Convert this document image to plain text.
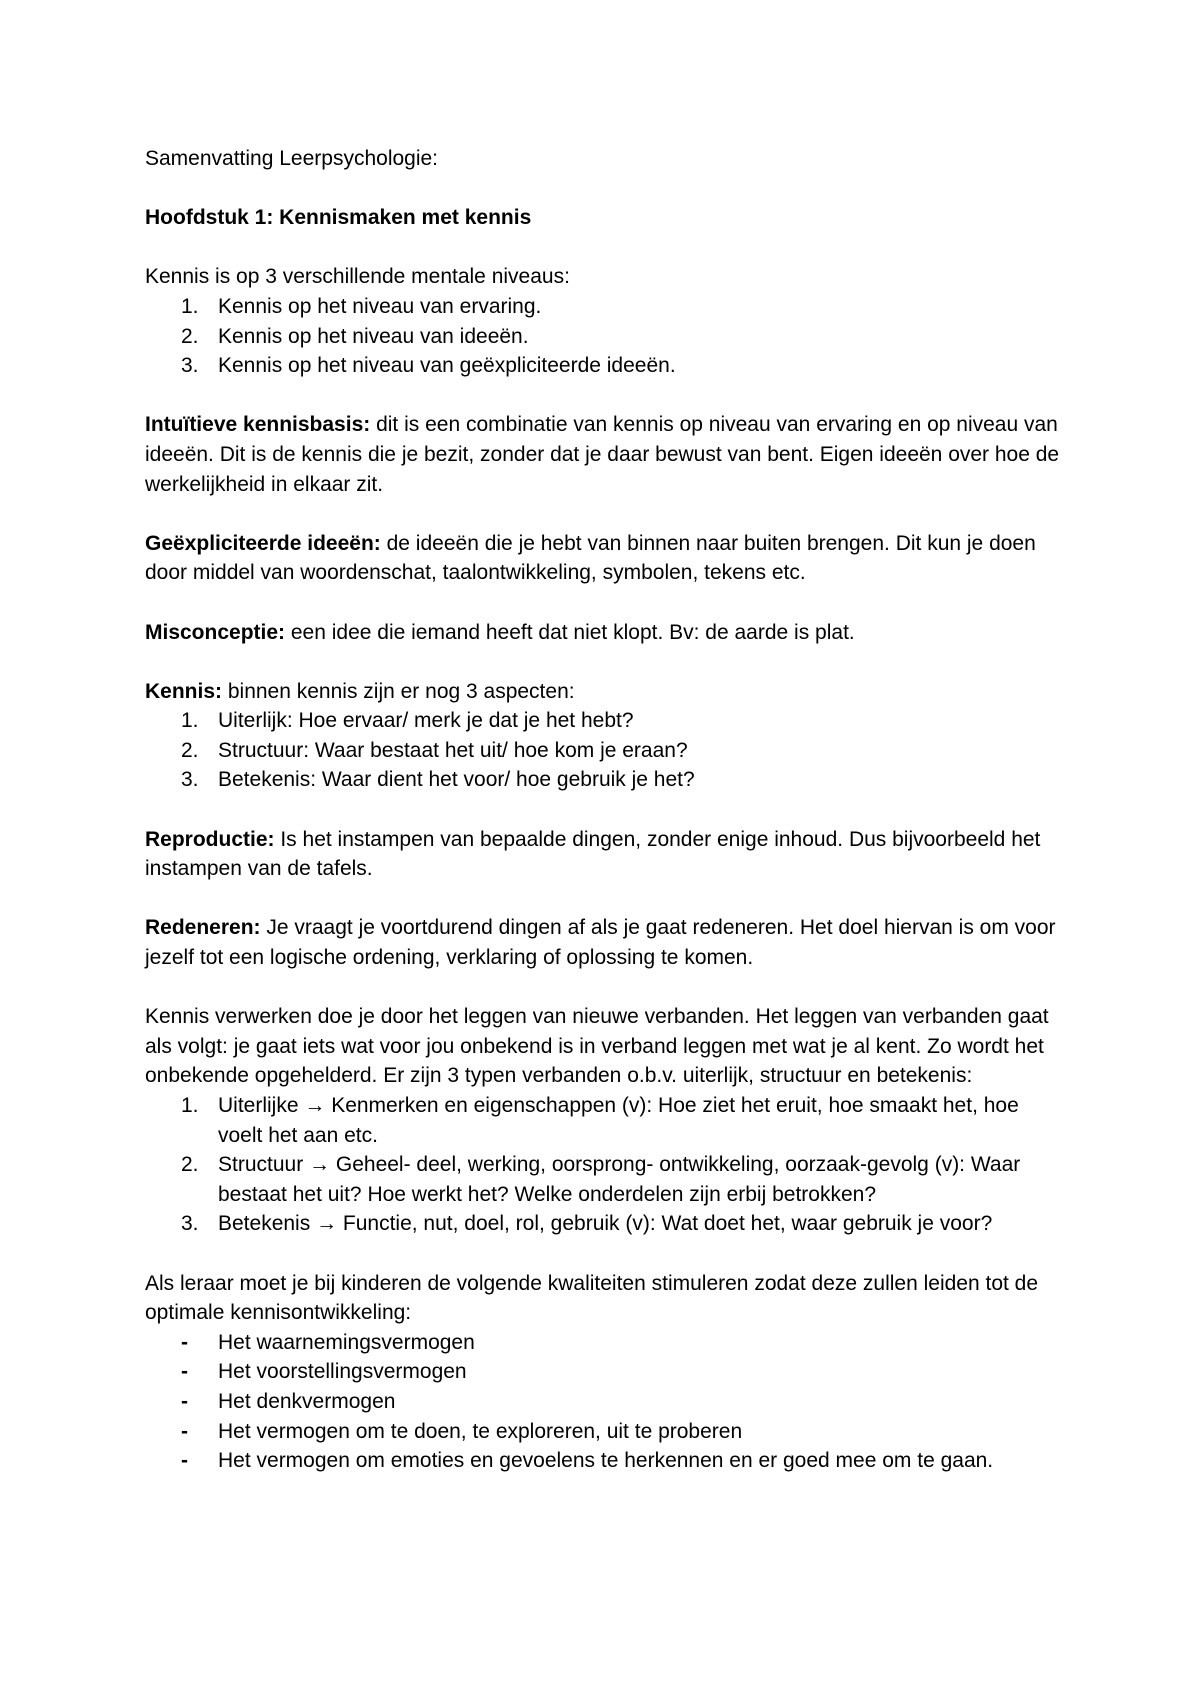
Samenvatting Leerpsychologie:

Hoofdstuk 1: Kennismaken met kennis

Kennis is op 3 verschillende mentale niveaus:

1. Kennis op het niveau van ervaring.
2. Kennis op het niveau van ideeën.
3. Kennis op het niveau van geëxpliciteerde ideeën.

Intuïtieve kennisbasis: dit is een combinatie van kennis op niveau van ervaring en op niveau van ideeën. Dit is de kennis die je bezit, zonder dat je daar bewust van bent. Eigen ideeën over hoe de werkelijkheid in elkaar zit.

Geëxpliciteerde ideeën: de ideeën die je hebt van binnen naar buiten brengen. Dit kun je doen door middel van woordenschat, taalontwikkeling, symbolen, tekens etc.

Misconceptie: een idee die iemand heeft dat niet klopt. Bv: de aarde is plat.

Kennis: binnen kennis zijn er nog 3 aspecten:

1. Uiterlijk: Hoe ervaar/ merk je dat je het hebt?
2. Structuur: Waar bestaat het uit/ hoe kom je eraan?
3. Betekenis: Waar dient het voor/ hoe gebruik je het?

Reproductie: Is het instampen van bepaalde dingen, zonder enige inhoud. Dus bijvoorbeeld het instampen van de tafels.

Redeneren: Je vraagt je voortdurend dingen af als je gaat redeneren. Het doel hiervan is om voor jezelf tot een logische ordening, verklaring of oplossing te komen.

Kennis verwerken doe je door het leggen van nieuwe verbanden. Het leggen van verbanden gaat als volgt: je gaat iets wat voor jou onbekend is in verband leggen met wat je al kent. Zo wordt het onbekende opgehelderd. Er zijn 3 typen verbanden o.b.v. uiterlijk, structuur en betekenis:

1. Uiterlijke → Kenmerken en eigenschappen (v): Hoe ziet het eruit, hoe smaakt het, hoe voelt het aan etc.
2. Structuur → Geheel- deel, werking, oorsprong- ontwikkeling, oorzaak-gevolg (v): Waar bestaat het uit? Hoe werkt het? Welke onderdelen zijn erbij betrokken?
3. Betekenis → Functie, nut, doel, rol, gebruik (v): Wat doet het, waar gebruik je voor?

Als leraar moet je bij kinderen de volgende kwaliteiten stimuleren zodat deze zullen leiden tot de optimale kennisontwikkeling:

-	Het waarnemingsvermogen
-	Het voorstellingsvermogen
-	Het denkvermogen
-	Het vermogen om te doen, te exploreren, uit te proberen
-	Het vermogen om emoties en gevoelens te herkennen en er goed mee om te gaan.
